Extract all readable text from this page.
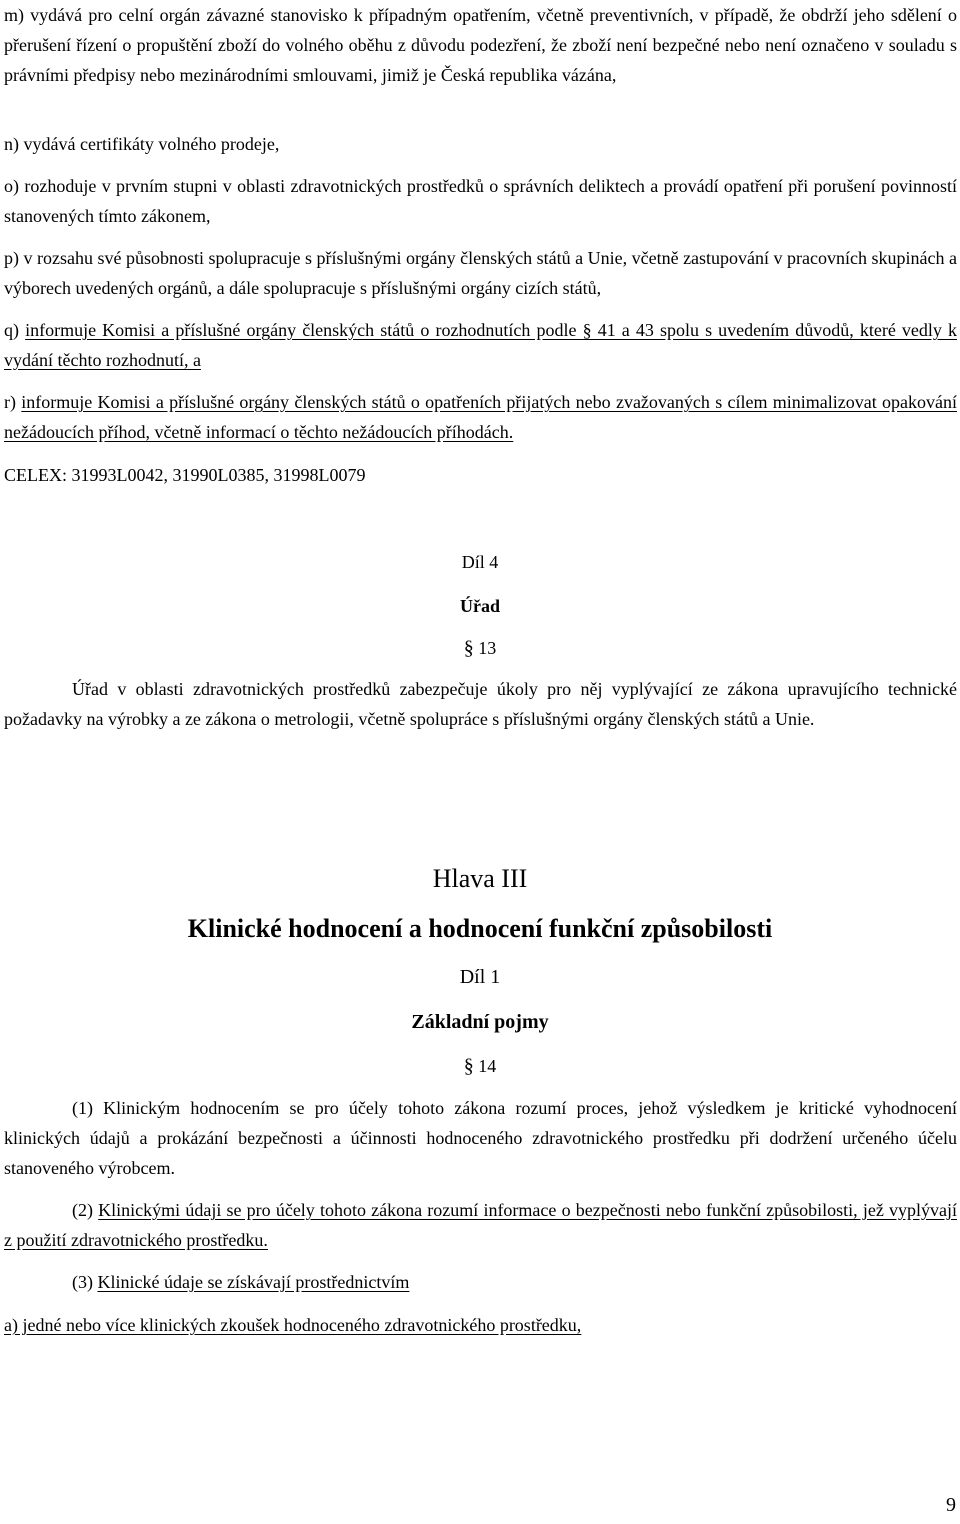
m) vydává pro celní orgán závazné stanovisko k případným opatřením, včetně preventivních, v případě, že obdrží jeho sdělení o přerušení řízení o propuštění zboží do volného oběhu z důvodu podezření, že zboží není bezpečné nebo není označeno v souladu s právními předpisy nebo mezinárodními smlouvami, jimiž je Česká republika vázána,

n) vydává certifikáty volného prodeje,

o) rozhoduje v prvním stupni v oblasti zdravotnických prostředků o správních deliktech a provádí opatření při porušení povinností stanovených tímto zákonem,

p) v rozsahu své působnosti spolupracuje s příslušnými orgány členských států a Unie, včetně zastupování v pracovních skupinách a výborech uvedených orgánů, a dále spolupracuje s příslušnými orgány cizích států,

q) informuje Komisi a příslušné orgány členských států o rozhodnutích podle § 41 a 43 spolu s uvedením důvodů, které vedly k vydání těchto rozhodnutí, a

r) informuje Komisi a příslušné orgány členských států o opatřeních přijatých nebo zvažovaných s cílem minimalizovat opakování nežádoucích příhod, včetně informací o těchto nežádoucích příhodách.

CELEX: 31993L0042, 31990L0385, 31998L0079

Díl 4

Úřad

§ 13

Úřad v oblasti zdravotnických prostředků zabezpečuje úkoly pro něj vyplývající ze zákona upravujícího technické požadavky na výrobky a ze zákona o metrologii, včetně spolupráce s příslušnými orgány členských států a Unie.

Hlava III

Klinické hodnocení a hodnocení funkční způsobilosti

Díl 1

Základní pojmy

§ 14

(1) Klinickým hodnocením se pro účely tohoto zákona rozumí proces, jehož výsledkem je kritické vyhodnocení klinických údajů a prokázání bezpečnosti a účinnosti hodnoceného zdravotnického prostředku při dodržení určeného účelu stanoveného výrobcem.

(2) Klinickými údaji se pro účely tohoto zákona rozumí informace o bezpečnosti nebo funkční způsobilosti, jež vyplývají z použití zdravotnického prostředku.

(3) Klinické údaje se získávají prostřednictvím

a) jedné nebo více klinických zkoušek hodnoceného zdravotnického prostředku,

9
